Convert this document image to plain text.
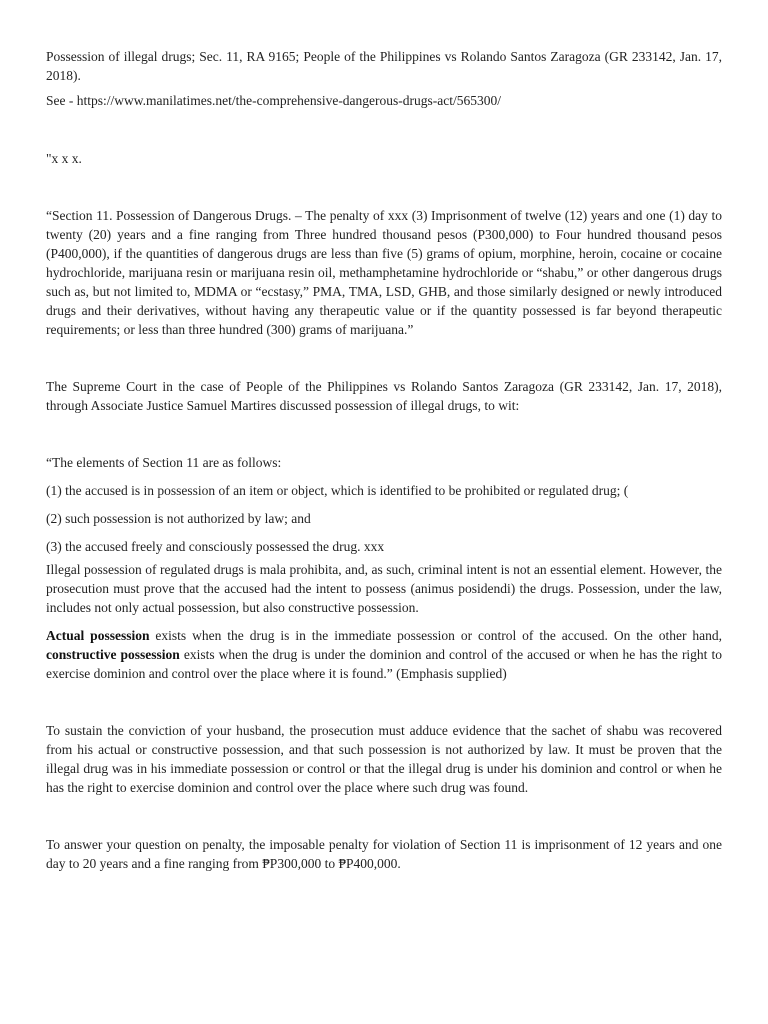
Possession of illegal drugs; Sec. 11, RA 9165; People of the Philippines vs Rolando Santos Zaragoza (GR 233142, Jan. 17, 2018).

See - https://www.manilatimes.net/the-comprehensive-dangerous-drugs-act/565300/

"x x x.

“Section 11. Possession of Dangerous Drugs. – The penalty of xxx (3) Imprisonment of twelve (12) years and one (1) day to twenty (20) years and a fine ranging from Three hundred thousand pesos (P300,000) to Four hundred thousand pesos (P400,000), if the quantities of dangerous drugs are less than five (5) grams of opium, morphine, heroin, cocaine or cocaine hydrochloride, marijuana resin or marijuana resin oil, methamphetamine hydrochloride or “shabu,” or other dangerous drugs such as, but not limited to, MDMA or “ecstasy,” PMA, TMA, LSD, GHB, and those similarly designed or newly introduced drugs and their derivatives, without having any therapeutic value or if the quantity possessed is far beyond therapeutic requirements; or less than three hundred (300) grams of marijuana.”

The Supreme Court in the case of People of the Philippines vs Rolando Santos Zaragoza (GR 233142, Jan. 17, 2018), through Associate Justice Samuel Martires discussed possession of illegal drugs, to wit:

“The elements of Section 11 are as follows:

(1) the accused is in possession of an item or object, which is identified to be prohibited or regulated drug; (

(2) such possession is not authorized by law; and

(3) the accused freely and consciously possessed the drug. xxx

Illegal possession of regulated drugs is mala prohibita, and, as such, criminal intent is not an essential element. However, the prosecution must prove that the accused had the intent to possess (animus posidendi) the drugs. Possession, under the law, includes not only actual possession, but also constructive possession.

Actual possession exists when the drug is in the immediate possession or control of the accused. On the other hand, constructive possession exists when the drug is under the dominion and control of the accused or when he has the right to exercise dominion and control over the place where it is found.” (Emphasis supplied)

To sustain the conviction of your husband, the prosecution must adduce evidence that the sachet of shabu was recovered from his actual or constructive possession, and that such possession is not authorized by law. It must be proven that the illegal drug was in his immediate possession or control or that the illegal drug is under his dominion and control or when he has the right to exercise dominion and control over the place where such drug was found.

To answer your question on penalty, the imposable penalty for violation of Section 11 is imprisonment of 12 years and one day to 20 years and a fine ranging from ₱P300,000 to ₱P400,000.
